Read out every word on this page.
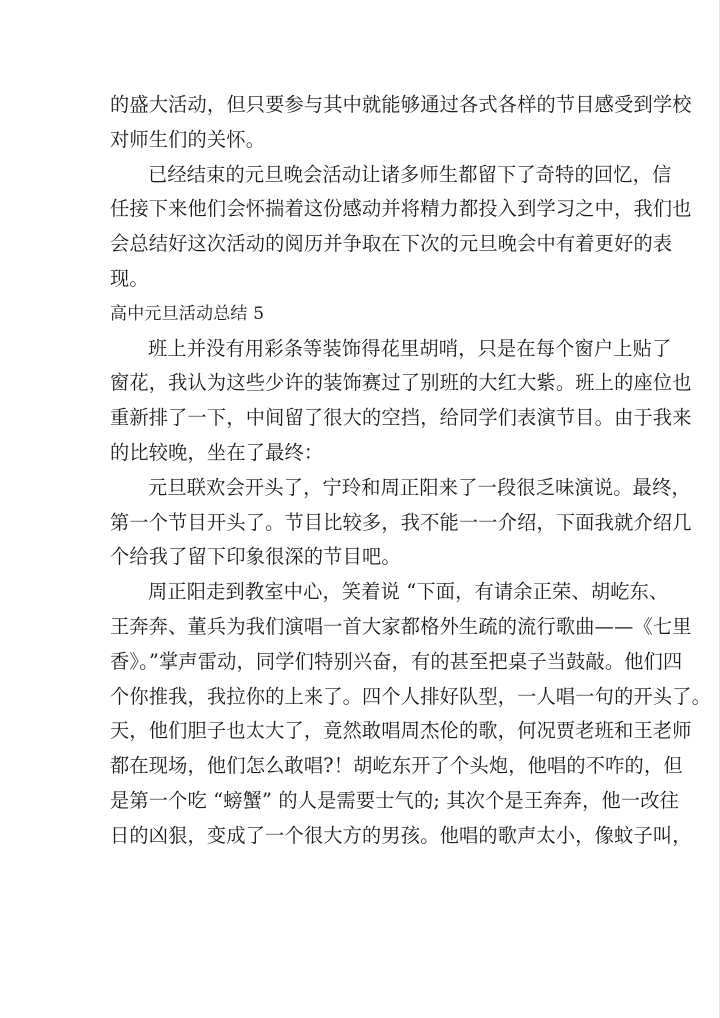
的盛大活动，但只要参与其中就能够通过各式各样的节目感受到学校
对师生们的关怀。
已经结束的元旦晚会活动让诸多师生都留下了奇特的回忆，信
任接下来他们会怀揣着这份感动并将精力都投入到学习之中，我们也
会总结好这次活动的阅历并争取在下次的元旦晚会中有着更好的表
现。
高中元旦活动总结 5
班上并没有用彩条等装饰得花里胡哨，只是在每个窗户上贴了
窗花，我认为这些少许的装饰赛过了别班的大红大紫。班上的座位也
重新排了一下，中间留了很大的空挡，给同学们表演节目。由于我来
的比较晚，坐在了最终：
元旦联欢会开头了，宁玲和周正阳来了一段很乏味演说。最终，
第一个节目开头了。节目比较多，我不能一一介绍，下面我就介绍几
个给我了留下印象很深的节目吧。
周正阳走到教室中心，笑着说 “下面，有请余正荣、胡屹东、
王奔奔、董兵为我们演唱一首大家都格外生疏的流行歌曲——《七里
香》。”掌声雷动，同学们特别兴奋，有的甚至把桌子当鼓敲。他们四
个你推我，我拉你的上来了。四个人排好队型，一人唱一句的开头了。
天，他们胆子也太大了，竟然敢唱周杰伦的歌，何况贾老班和王老师
都在现场，他们怎么敢唱?！胡屹东开了个头炮，他唱的不咋的，但
是第一个吃 “螃蟹” 的人是需要士气的; 其次个是王奔奔，他一改往
日的凶狠，变成了一个很大方的男孩。他唱的歌声太小，像蚊子叫，
